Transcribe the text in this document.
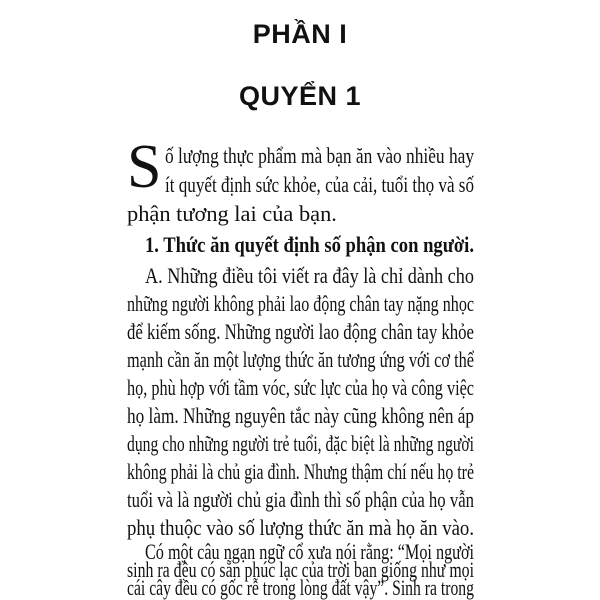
PHẦN I
QUYỂN 1
S ố lượng thực phẩm mà bạn ăn vào nhiều hay
ít quyết định sức khỏe, của cải, tuổi thọ và số
phận tương lai của bạn.
1. Thức ăn quyết định số phận con người.
A. Những điều tôi viết ra đây là chỉ dành cho
những người không phải lao động chân tay nặng nhọc
để kiếm sống. Những người lao động chân tay khỏe
mạnh cần ăn một lượng thức ăn tương ứng với cơ thể
họ, phù hợp với tầm vóc, sức lực của họ và công việc
họ làm. Những nguyên tắc này cũng không nên áp
dụng cho những người trẻ tuổi, đặc biệt là những người
không phải là chủ gia đình. Nhưng thậm chí nếu họ trẻ
tuổi và là người chủ gia đình thì số phận của họ vẫn
phụ thuộc vào số lượng thức ăn mà họ ăn vào.
Có một câu ngạn ngữ cổ xưa nói rằng: “Mọi người
sinh ra đều có sẵn phúc lạc của trời ban giống như mọi
cái cây đều có gốc rễ trong lòng đất vậy”. Sinh ra trong
